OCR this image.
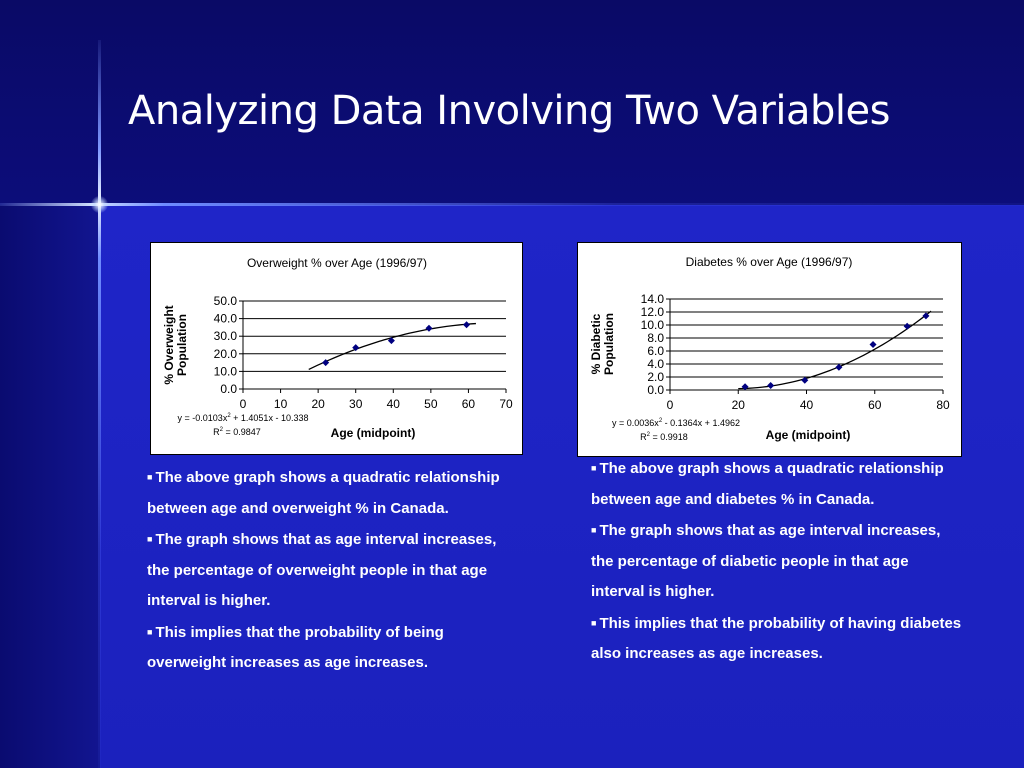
Analyzing Data Involving Two Variables
Overweight % over Age (1996/97)
0.0
10.0
20.0
30.0
40.0
50.0
0 10 20 30 40 50 60 70
Age (midpoint)
% OverweightPopulation
$y = -0.0103x^2 + 1.4051x - 10.338$
$R^2 = 0.9847$
Diabetes % over Age (1996/97)
0.0
2.0
4.0
6.0
8.0
10.0
12.0
14.0
0	20	40	60	80
Age (midpoint)
% DiabeticPopulation
$y = 0.0036x^2 - 0.1364x + 1.4962$
$R^2 = 0.9918$
■ The above graph shows a quadratic relationship between age and overweight % in Canada.
■ The graph shows that as age interval increases, the percentage of overweight people in that age interval is higher.
■ This implies that the probability of being overweight increases as age increases.
■ The above graph shows a quadratic relationship between age and diabetes % in Canada.
■ The graph shows that as age interval increases, the percentage of diabetic people in that age interval is higher.
■ This implies that the probability of having diabetes also increases as age increases.
